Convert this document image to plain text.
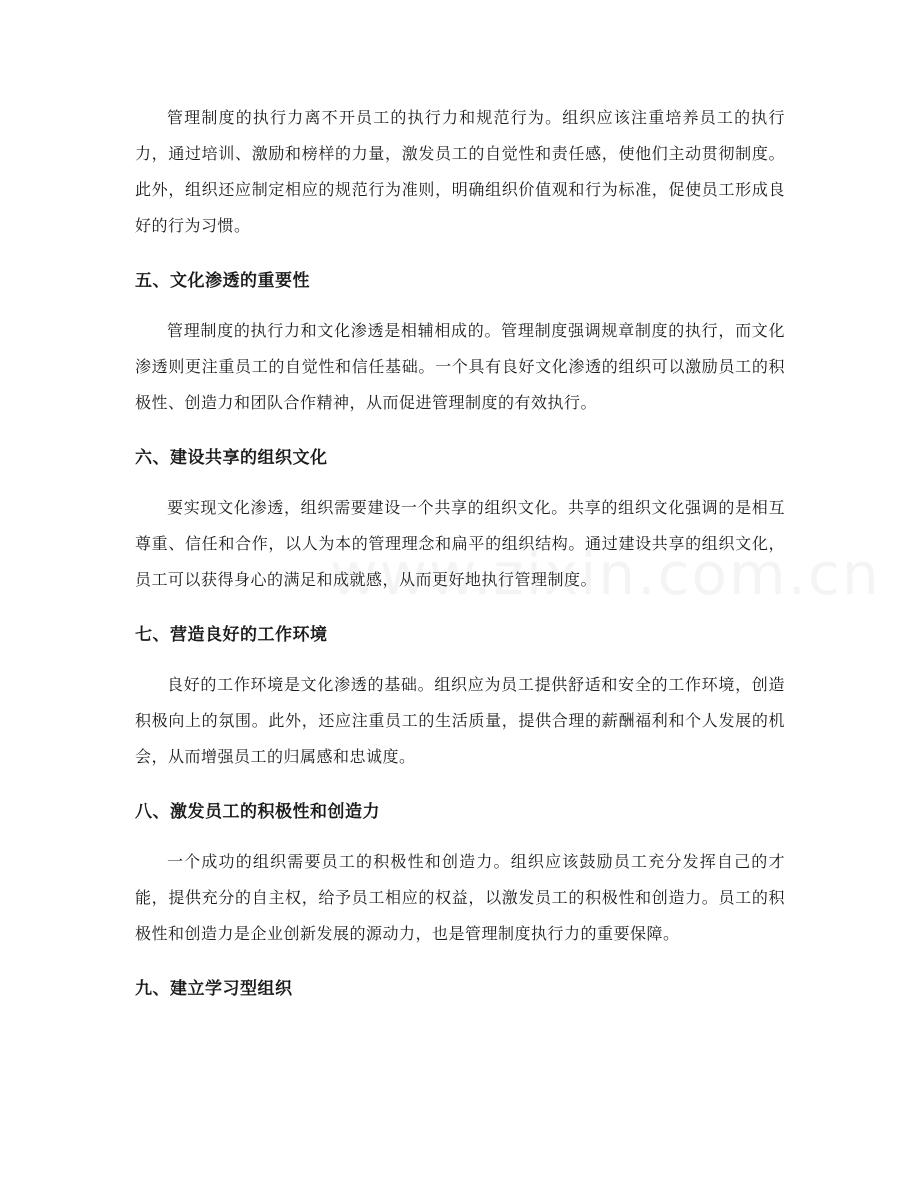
管理制度的执行力离不开员工的执行力和规范行为。组织应该注重培养员工的执行力，通过培训、激励和榜样的力量，激发员工的自觉性和责任感，使他们主动贯彻制度。此外，组织还应制定相应的规范行为准则，明确组织价值观和行为标准，促使员工形成良好的行为习惯。

五、文化渗透的重要性

管理制度的执行力和文化渗透是相辅相成的。管理制度强调规章制度的执行，而文化渗透则更注重员工的自觉性和信任基础。一个具有良好文化渗透的组织可以激励员工的积极性、创造力和团队合作精神，从而促进管理制度的有效执行。

六、建设共享的组织文化

要实现文化渗透，组织需要建设一个共享的组织文化。共享的组织文化强调的是相互尊重、信任和合作，以人为本的管理理念和扁平的组织结构。通过建设共享的组织文化，员工可以获得身心的满足和成就感，从而更好地执行管理制度。

七、营造良好的工作环境

良好的工作环境是文化渗透的基础。组织应为员工提供舒适和安全的工作环境，创造积极向上的氛围。此外，还应注重员工的生活质量，提供合理的薪酬福利和个人发展的机会，从而增强员工的归属感和忠诚度。

八、激发员工的积极性和创造力

一个成功的组织需要员工的积极性和创造力。组织应该鼓励员工充分发挥自己的才能，提供充分的自主权，给予员工相应的权益，以激发员工的积极性和创造力。员工的积极性和创造力是企业创新发展的源动力，也是管理制度执行力的重要保障。

九、建立学习型组织
